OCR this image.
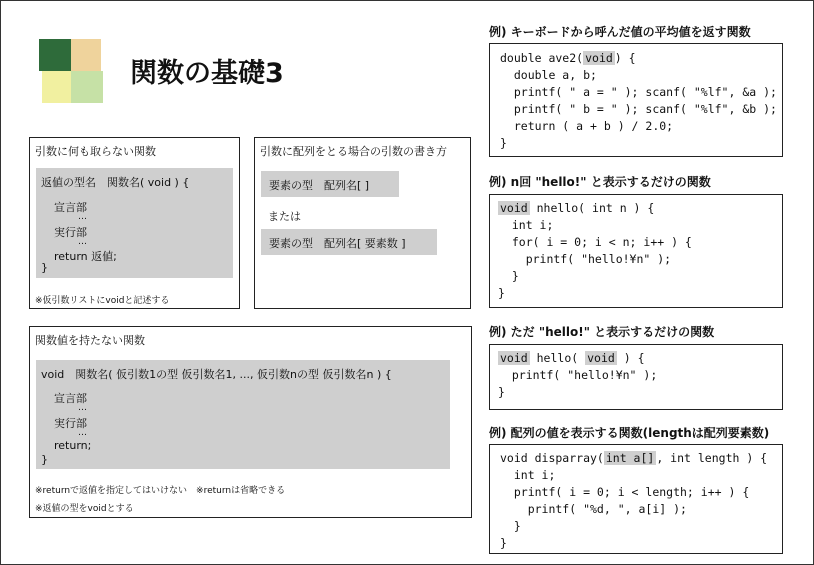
関数の基礎3
引数に何も取らない関数
返値の型名　関数名( void ) {
宣言部
…
実行部
…
return 返値;
}
※仮引数リストにvoidと記述する
引数に配列をとる場合の引数の書き方
要素の型　配列名[ ]
または
要素の型　配列名[ 要素数 ]
関数値を持たない関数
void　関数名( 仮引数1の型 仮引数名1, ..., 仮引数nの型 仮引数名n ) {
宣言部
…
実行部
…
return;
}
※returnで返値を指定してはいけない　※returnは省略できる
※返値の型をvoidとする
例) キーボードから呼んだ値の平均値を返す関数
double ave2( void ) {
double a, b;
printf( " a = " ); scanf( "%lf", &a );
printf( " b = " ); scanf( "%lf", &b );
return ( a + b ) / 2.0;
}
例) n回 "hello!" と表示するだけの関数
void nhello( int n ) {
int i;
for( i = 0; i < n; i++ ) {
printf( "hello!¥n" );
}
}
例) ただ "hello!" と表示するだけの関数
void hello( void ) {
printf( "hello!¥n" );
}
例) 配列の値を表示する関数(lengthは配列要素数)
void disparray( int a[] , int length ) {
int i;
printf( i = 0; i < length; i++ ) {
printf( "%d, ", a[i] );
}
}
